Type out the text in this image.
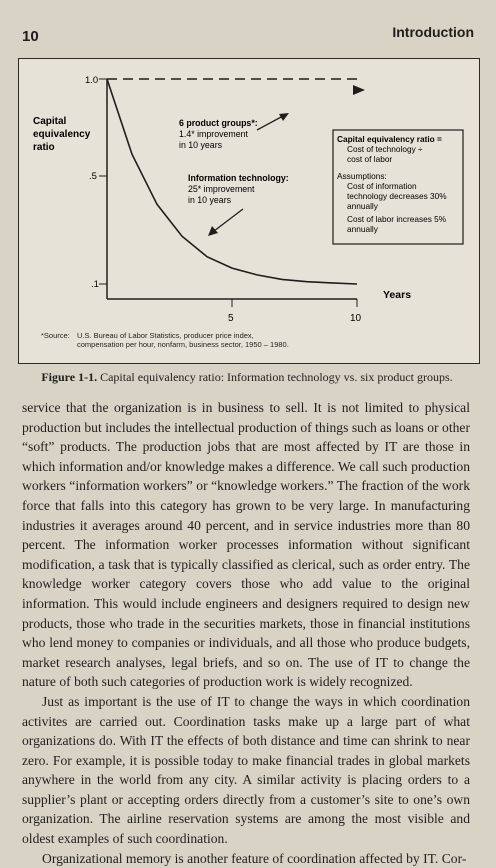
10	Introduction
1.0
.5
.1
5	10
Years
Capital equivalency ratio
6 product groups*: 1.4* improvement in 10 years
Information technology: 25* improvement in 10 years
Capital equivalency ratio = Cost of technology ÷ cost of labor
Assumptions: Cost of information technology decreases 30% annually Cost of labor increases 5% annually
*Source: U.S. Bureau of Labor Statistics, producer price index,
compensation per hour, nonfarm, business sector, 1950 – 1980.
Figure 1-1. Capital equivalency ratio: Information technology vs. six product groups.

service that the organization is in business to sell. It is not limited to physical production but includes the intellectual production of things such as loans or other “soft” products. The production jobs that are most affected by IT are those in which information and/or knowledge makes a difference. We call such production workers “information workers” or “knowledge workers.” The fraction of the work force that falls into this category has grown to be very large. In manufacturing industries it averages around 40 percent, and in service industries more than 80 percent. The information worker processes information without significant modification, a task that is typically classified as clerical, such as order entry. The knowledge worker category covers those who add value to the original information. This would include engineers and designers required to design new products, those who trade in the securities markets, those in financial institutions who lend money to companies or individuals, and all those who produce budgets, market research analyses, legal briefs, and so on. The use of IT to change the nature of both such categories of production work is widely recognized.

Just as important is the use of IT to change the ways in which coordination activites are carried out. Coordination tasks make up a large part of what organizations do. With IT the effects of both distance and time can shrink to near zero. For example, it is possible today to make financial trades in global markets anywhere in the world from any city. A similar activity is placing orders to a supplier’s plant or accepting orders directly from a customer’s site to one’s own organization. The airline reservation systems are among the most visible and oldest examples of such coordination.

Organizational memory is another feature of coordination affected by IT. Cor-
